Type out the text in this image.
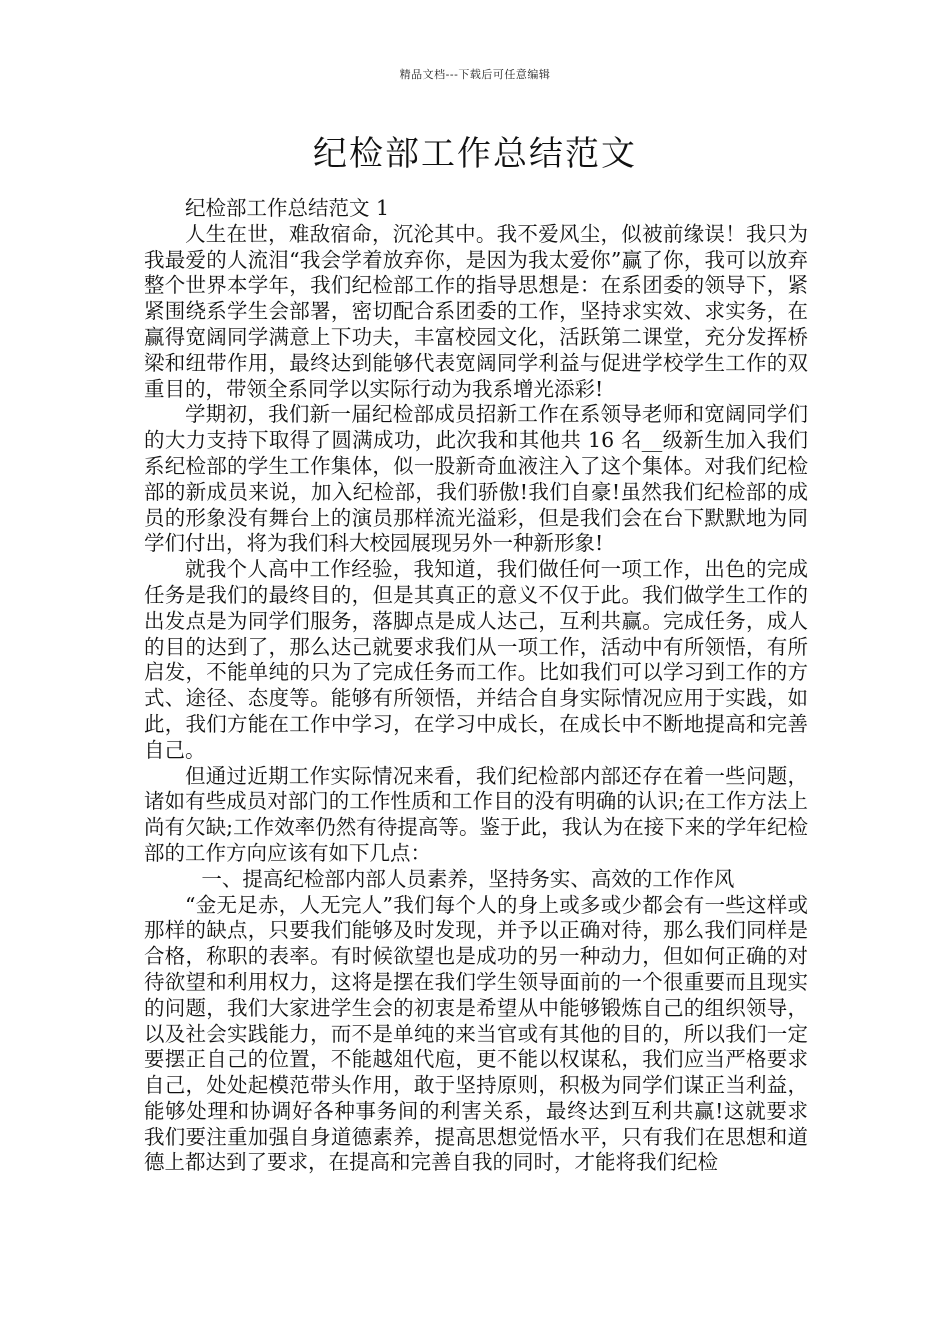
精品文档---下载后可任意编辑
纪检部工作总结范文

纪检部工作总结范文 1

人生在世，难敌宿命，沉沦其中。我不爱风尘，似被前缘误！我只为我最爱的人流泪“我会学着放弃你，是因为我太爱你”赢了你，我可以放弃整个世界本学年，我们纪检部工作的指导思想是：在系团委的领导下，紧紧围绕系学生会部署，密切配合系团委的工作，坚持求实效、求实务，在赢得宽阔同学满意上下功夫，丰富校园文化，活跃第二课堂，充分发挥桥梁和纽带作用，最终达到能够代表宽阔同学利益与促进学校学生工作的双重目的，带领全系同学以实际行动为我系增光添彩!

学期初，我们新一届纪检部成员招新工作在系领导老师和宽阔同学们的大力支持下取得了圆满成功，此次我和其他共 16 名__级新生加入我们系纪检部的学生工作集体，似一股新奇血液注入了这个集体。对我们纪检部的新成员来说，加入纪检部，我们骄傲!我们自豪!虽然我们纪检部的成员的形象没有舞台上的演员那样流光溢彩，但是我们会在台下默默地为同学们付出，将为我们科大校园展现另外一种新形象!

就我个人高中工作经验，我知道，我们做任何一项工作，出色的完成任务是我们的最终目的，但是其真正的意义不仅于此。我们做学生工作的出发点是为同学们服务，落脚点是成人达己，互利共赢。完成任务，成人的目的达到了，那么达己就要求我们从一项工作，活动中有所领悟，有所启发，不能单纯的只为了完成任务而工作。比如我们可以学习到工作的方式、途径、态度等。能够有所领悟，并结合自身实际情况应用于实践，如此，我们方能在工作中学习，在学习中成长，在成长中不断地提高和完善自己。

但通过近期工作实际情况来看，我们纪检部内部还存在着一些问题，诸如有些成员对部门的工作性质和工作目的没有明确的认识;在工作方法上尚有欠缺;工作效率仍然有待提高等。鉴于此，我认为在接下来的学年纪检部的工作方向应该有如下几点：

一、提高纪检部内部人员素养，坚持务实、高效的工作作风

“金无足赤，人无完人”我们每个人的身上或多或少都会有一些这样或那样的缺点，只要我们能够及时发现，并予以正确对待，那么我们同样是合格，称职的表率。有时候欲望也是成功的另一种动力，但如何正确的对待欲望和利用权力，这将是摆在我们学生领导面前的一个很重要而且现实的问题，我们大家进学生会的初衷是希望从中能够锻炼自己的组织领导，以及社会实践能力，而不是单纯的来当官或有其他的目的，所以我们一定要摆正自己的位置，不能越俎代庖，更不能以权谋私，我们应当严格要求自己，处处起模范带头作用，敢于坚持原则，积极为同学们谋正当利益，能够处理和协调好各种事务间的利害关系，最终达到互利共赢!这就要求我们要注重加强自身道德素养，提高思想觉悟水平，只有我们在思想和道德上都达到了要求，在提高和完善自我的同时，才能将我们纪检
